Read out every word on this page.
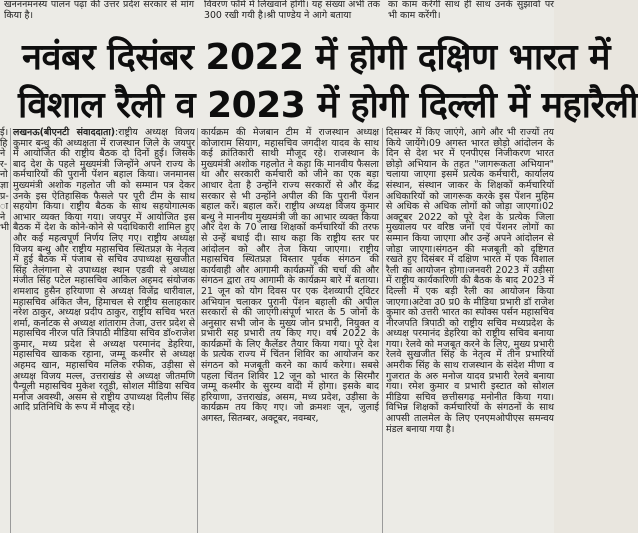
खनननमनस्य पालन पढ़ा की उत्तर प्रदेश सरकार से मांग किया है।
विवरण फॉर्म में लिखवाने होंगी। यह संख्या अभी तक 300 रखी गयी है।श्री पाण्डेय ने आगे बताया
का काम करेंगी साथ ही साथ उनके सुझावों पर भी काम करेंगी।
नवंबर दिसंबर 2022 में होगी दक्षिण भारत में
विशाल रैली व 2023 में होगी दिल्ली में महारैली
ई। हि ने र- नो ज्ञा प्र- ा ने भी
लखनऊ(बीएनटी संवाददाता):राष्ट्रीय अध्यक्ष विजय कुमार बन्धु की अध्यक्षता में राजस्थान जिले के जयपुर में आयोजित की राष्ट्रीय बैठक दो दिनों हुई। जिसके बाद देश के पहले मुख्यमंत्री जिन्होंने अपने राज्य के कर्मचारियों की पुरानी पेंशन बहाल किया। जनमानस मुख्यमंत्री अशोक गहलोत जी को सम्मान पत्र देकर उनके इस ऐतिहासिक फैसले पर पूरी टीम के साथ सहयोग किया। राष्ट्रीय बैठक के साथ सहयोगात्मक आभार व्यक्त किया गया। जयपुर में आयोजित इस बैठक में देश के कोने-कोने से पदाधिकारी शामिल हुए और कई महत्वपूर्ण निर्णय लिए गए। राष्ट्रीय अध्यक्ष विजय बन्धु और राष्ट्रीय महासचिव स्थितप्रज्ञ के नेतृत्व में हुई बैठक में पंजाब से सचिव उपाध्यक्ष सुखजीत सिंह तेलंगाना से उपाध्यक्ष स्थान एडवी से अध्यक्ष मंजीत सिंह पटेल महासचिव आकिल अहमद संयोजक शमशाद हुसैन हरियाणा से अध्यक्ष विजेंद्र धारीवाल, महासचिव अंकित जैन, हिमाचल से राष्ट्रीय सलाहकार नरेश ठाकुर, अध्यक्ष प्रदीप ठाकुर, राष्ट्रीय सचिव भरत शर्मा, कर्नाटक से अध्यक्ष शांताराम तेजा, उत्तर प्रदेश से महासचिव नीरज पति त्रिपाठी मीडिया सचिव डॉ०राजेश कुमार, मध्य प्रदेश से अध्यक्ष परमानंद डेहरिया, महासचिव खाकक रहाना, जम्मू कश्मीर से अध्यक्ष अहमद खान, महासचिव मलिक रफीक, उड़ीसा से अध्यक्ष विजय मल्ल, उत्तराखंड से अध्यक्ष जीतमणि पैन्यूली महासचिव मुकेश रतूड़ी, सोशल मीडिया सचिव मनोज अवस्थी, असम से राष्ट्रीय उपाध्यक्ष दिलीप सिंह आदि प्रतिनिधि के रूप में मौजूद रहे।
कार्यक्रम की मेजबान टीम में राजस्थान अध्यक्ष कोजाराम सियाग, महासचिव जगदीश यादव के साथ कई क्रांतिकारी साथी मौजूद रहे। राजस्थान के मुख्यमंत्री अशोक गहलोत ने कहा कि मानवीय फैसला था और सरकारी कर्मचारी को जीने का एक बड़ा आधार देता है उन्होंने राज्य सरकारों से और केंद्र सरकार से भी उन्होंने अपील की कि पुरानी पेंशन बहाल करें। बहाल करें। राष्ट्रीय अध्यक्ष विजय कुमार बन्धु ने माननीय मुख्यमंत्री जी का आभार व्यक्त किया और देश के 70 लाख शिक्षकों कर्मचारियों की तरफ से उन्हें बधाई दी। साथ कहा कि राष्ट्रीय स्तर पर आंदोलन को और तेज किया जाएगा। राष्ट्रीय महासचिव स्थितप्रज्ञ विस्तार पूर्वक संगठन की कार्यवाही और आगामी कार्यक्रमों की चर्चा की और संगठन द्वारा तय आगामी के कार्यक्रम बारे में बताया। 21 जून को योग दिवस पर एक देशव्यापी ट्विटर अभियान चलाकर पुरानी पेंशन बहाली की अपील सरकारों से की जाएगी।संपूर्ण भारत के 5 जोनों के अनुसार सभी जोन के मुख्य जोन प्रभारी, नियुक्त व प्रभारी सह प्रभारी तय किए गए। वर्ष 2022 के कार्यक्रमों के लिए कैलेंडर तैयार किया गया। पूरे देश के प्रत्येक राज्य में चिंतन शिविर का आयोजन कर संगठन को मजबूती करने का कार्य करेगा। सबसे पहला चिंतन शिविर 12 जून को भारत के सिरमौर जम्मू कश्मीर के सुरम्य वादी में होगा। इसके बाद हरियाणा, उत्तराखंड, असम, मध्य प्रदेश, उड़ीसा के कार्यक्रम तय किए गए। जो क्रमशः जून, जुलाई अगस्त, सितम्बर, अक्टूबर, नवम्बर,
दिसम्बर में किए जाएंगे, आगे और भी राज्यों तय किये जायेंगे।09 अगस्त भारत छोड़ो आंदोलन के दिन से देश भर में एनपीएस निजीकरण भारत छोड़ो अभियान के तहत "जागरूकता अभियान" चलाया जाएगा इसमें प्रत्येक कर्मचारी, कार्यालय संस्थान, संस्थान जाकर के शिक्षकों कर्मचारियों अधिकारियों को जागरूक करके इस पेंशन मुहिम से अधिक से अधिक लोगों को जोड़ा जाएगा।02 अक्टूबर 2022 को पूरे देश के प्रत्येक जिला मुख्यालय पर वरिष्ठ जनों एवं पेंशनर लोगों का सम्मान किया जाएगा और उन्हें अपने आंदोलन से जोड़ा जाएगा।संगठन की मजबूती को दृष्टिगत रखते हुए दिसंबर में दक्षिण भारत में एक विशाल रैली का आयोजन होगा।जनवरी 2023 में उड़ीसा में राष्ट्रीय कार्यकारिणी की बैठक के बाद 2023 में दिल्ली में एक बड़ी रैली का आयोजन किया जाएगा।अटेवा उ0 प्र0 के मीडिया प्रभारी डॉ राजेश कुमार को उत्तरी भारत का स्पोक्स पर्सन महासचिव नीरजपति त्रिपाठी को राष्ट्रीय सचिव मध्यप्रदेश के अध्यक्ष परमानंद डेहरिया को राष्ट्रीय सचिव बनाया गया। रेलवे को मजबूत करने के लिए, मुख्य प्रभारी रेलवे सुखजीत सिंह के नेतृत्व में तीन प्रभारियों अमरीक सिंह के साथ राजस्थान के संदेश मीणा व गुजरात के अरु मनोज यादव प्रभारी रेलवे बनाया गया। रमेश कुमार व प्रभारी इस्टात को सोशल मीडिया सचिव छत्तीसगढ़ मनोनीत किया गया।विभिन्न शिक्षकों कर्मचारियों के संगठनों के साथ आपसी तालमेल के लिए एनएमओपीएस समन्वय मंडल बनाया गया है।
